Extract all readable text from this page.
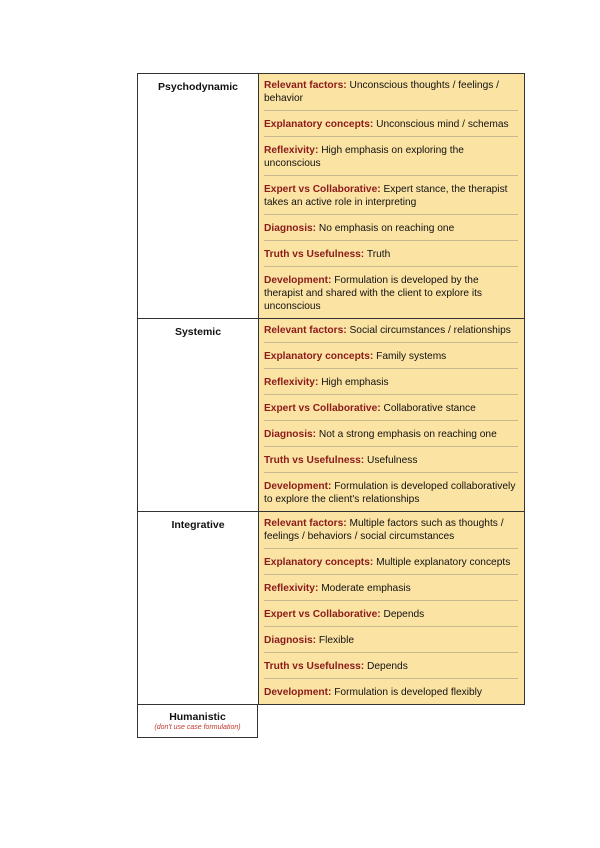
Psychodynamic	Relevant factors: Unconscious thoughts / feelings / behavior
Explanatory concepts: Unconscious mind / schemas
Reflexivity: High emphasis on exploring the unconscious
Expert vs Collaborative: Expert stance, the therapist takes an active role in interpreting
Diagnosis: No emphasis on reaching one
Truth vs Usefulness: Truth
Development: Formulation is developed by the therapist and shared with the client to explore its unconscious
Systemic	Relevant factors: Social circumstances / relationships
Explanatory concepts: Family systems
Reflexivity: High emphasis
Expert vs Collaborative: Collaborative stance
Diagnosis: Not a strong emphasis on reaching one
Truth vs Usefulness: Usefulness
Development: Formulation is developed collaboratively to explore the client's relationships
Integrative	Relevant factors: Multiple factors such as thoughts / feelings / behaviors / social circumstances
Explanatory concepts: Multiple explanatory concepts
Reflexivity: Moderate emphasis
Expert vs Collaborative: Depends
Diagnosis: Flexible
Truth vs Usefulness: Depends
Development: Formulation is developed flexibly
Humanistic
(don't use case formulation)
